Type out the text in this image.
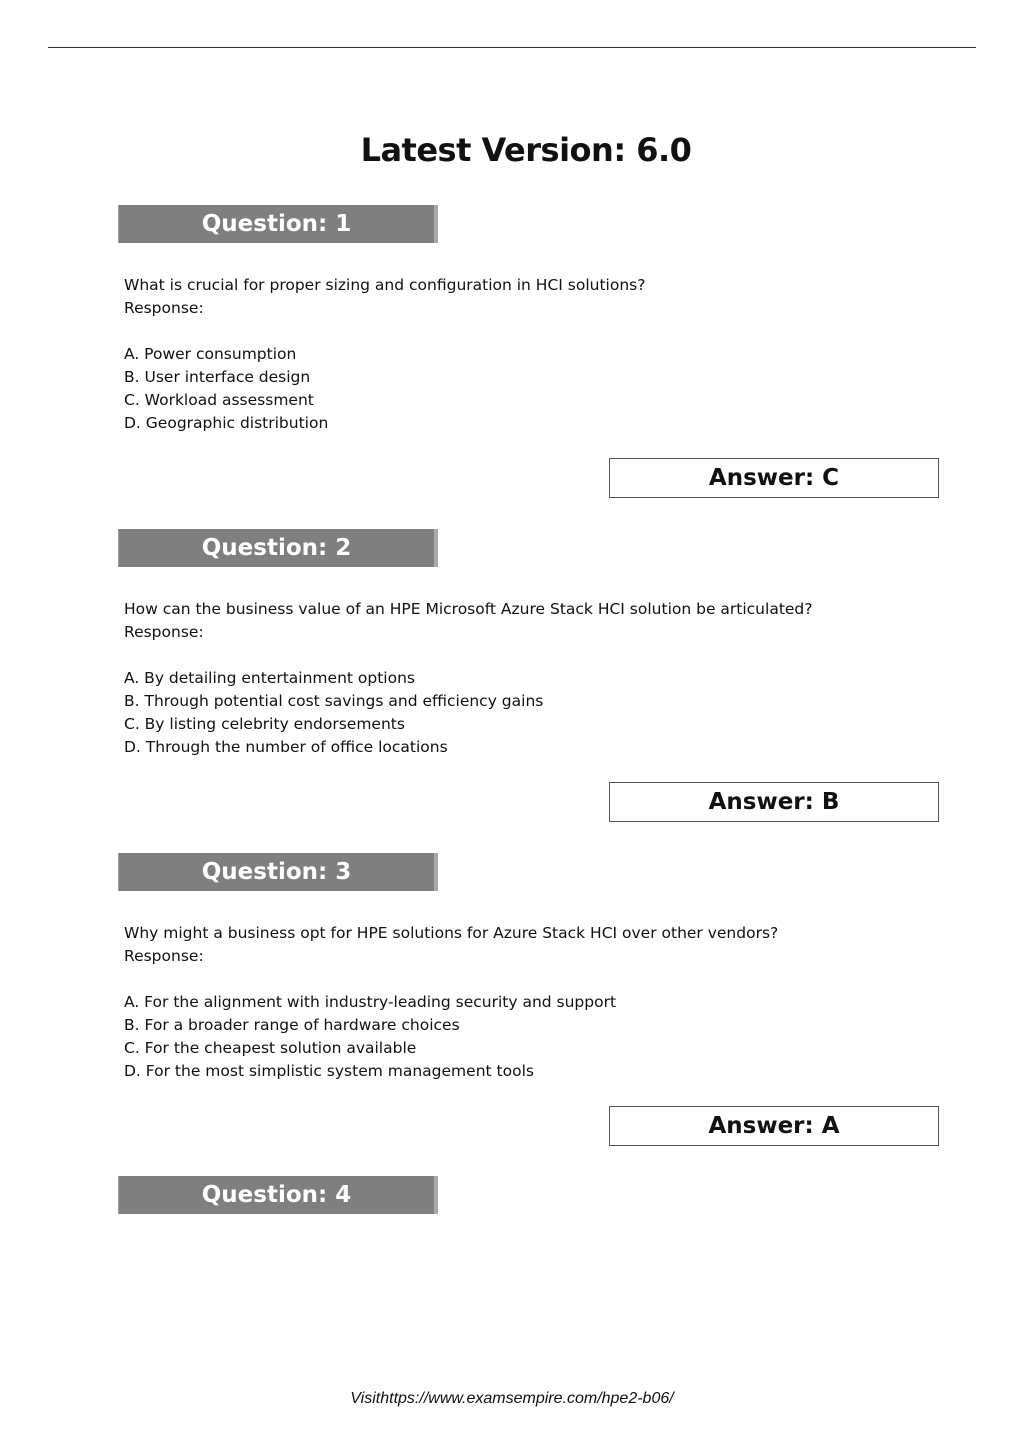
Latest Version: 6.0
Question: 1
What is crucial for proper sizing and configuration in HCI solutions?
Response:
A. Power consumption
B. User interface design
C. Workload assessment
D. Geographic distribution
Answer: C
Question: 2
How can the business value of an HPE Microsoft Azure Stack HCI solution be articulated?
Response:
A. By detailing entertainment options
B. Through potential cost savings and efficiency gains
C. By listing celebrity endorsements
D. Through the number of office locations
Answer: B
Question: 3
Why might a business opt for HPE solutions for Azure Stack HCI over other vendors?
Response:
A. For the alignment with industry-leading security and support
B. For a broader range of hardware choices
C. For the cheapest solution available
D. For the most simplistic system management tools
Answer: A
Question: 4
Visithttps://www.examsempire.com/hpe2-b06/
